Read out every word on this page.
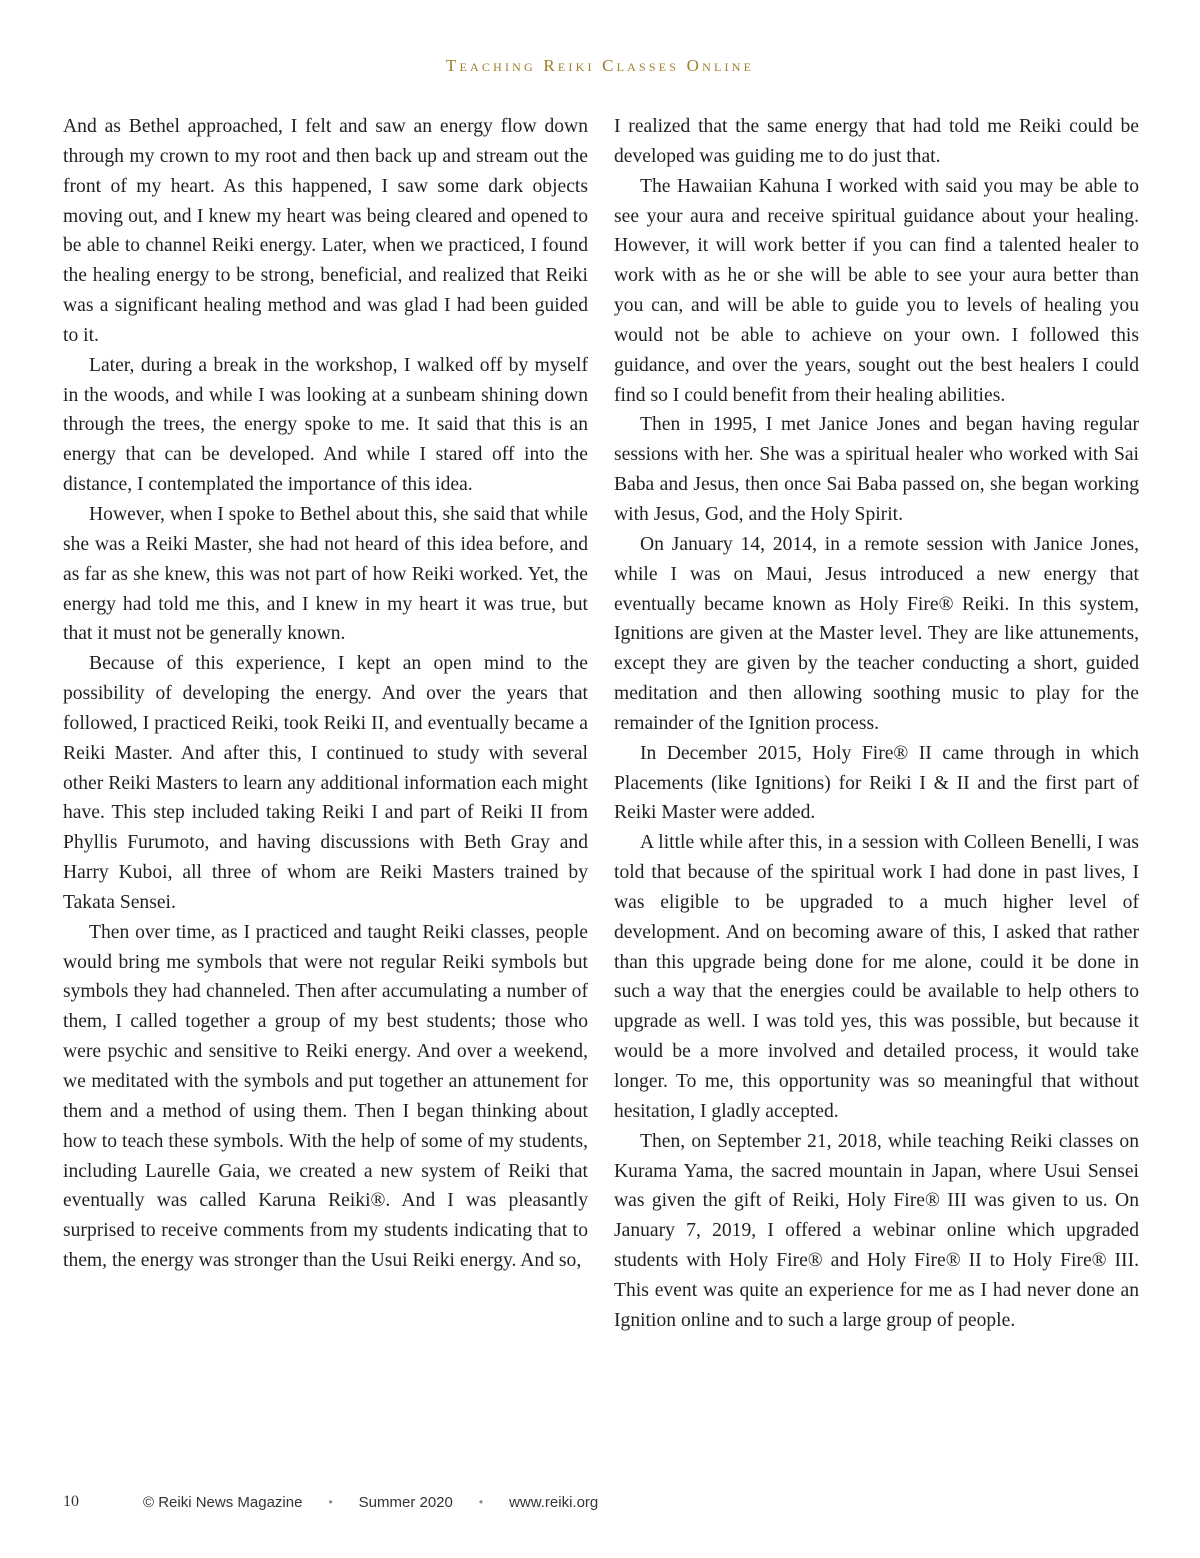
Teaching Reiki Classes Online

And as Bethel approached, I felt and saw an energy flow down through my crown to my root and then back up and stream out the front of my heart. As this happened, I saw some dark objects moving out, and I knew my heart was being cleared and opened to be able to channel Reiki energy. Later, when we practiced, I found the healing energy to be strong, beneficial, and realized that Reiki was a significant healing method and was glad I had been guided to it.

Later, during a break in the workshop, I walked off by myself in the woods, and while I was looking at a sunbeam shining down through the trees, the energy spoke to me. It said that this is an energy that can be developed. And while I stared off into the distance, I contemplated the importance of this idea.

However, when I spoke to Bethel about this, she said that while she was a Reiki Master, she had not heard of this idea before, and as far as she knew, this was not part of how Reiki worked. Yet, the energy had told me this, and I knew in my heart it was true, but that it must not be generally known.

Because of this experience, I kept an open mind to the possibility of developing the energy. And over the years that followed, I practiced Reiki, took Reiki II, and eventually became a Reiki Master. And after this, I continued to study with several other Reiki Masters to learn any additional information each might have. This step included taking Reiki I and part of Reiki II from Phyllis Furumoto, and having discussions with Beth Gray and Harry Kuboi, all three of whom are Reiki Masters trained by Takata Sensei.

Then over time, as I practiced and taught Reiki classes, people would bring me symbols that were not regular Reiki symbols but symbols they had channeled. Then after accumulating a number of them, I called together a group of my best students; those who were psychic and sensitive to Reiki energy. And over a weekend, we meditated with the symbols and put together an attunement for them and a method of using them. Then I began thinking about how to teach these symbols. With the help of some of my students, including Laurelle Gaia, we created a new system of Reiki that eventually was called Karuna Reiki®. And I was pleasantly surprised to receive comments from my students indicating that to them, the energy was stronger than the Usui Reiki energy. And so,

I realized that the same energy that had told me Reiki could be developed was guiding me to do just that.

The Hawaiian Kahuna I worked with said you may be able to see your aura and receive spiritual guidance about your healing. However, it will work better if you can find a talented healer to work with as he or she will be able to see your aura better than you can, and will be able to guide you to levels of healing you would not be able to achieve on your own. I followed this guidance, and over the years, sought out the best healers I could find so I could benefit from their healing abilities.

Then in 1995, I met Janice Jones and began having regular sessions with her. She was a spiritual healer who worked with Sai Baba and Jesus, then once Sai Baba passed on, she began working with Jesus, God, and the Holy Spirit.

On January 14, 2014, in a remote session with Janice Jones, while I was on Maui, Jesus introduced a new energy that eventually became known as Holy Fire® Reiki. In this system, Ignitions are given at the Master level. They are like attunements, except they are given by the teacher conducting a short, guided meditation and then allowing soothing music to play for the remainder of the Ignition process.

In December 2015, Holy Fire® II came through in which Placements (like Ignitions) for Reiki I & II and the first part of Reiki Master were added.

A little while after this, in a session with Colleen Benelli, I was told that because of the spiritual work I had done in past lives, I was eligible to be upgraded to a much higher level of development. And on becoming aware of this, I asked that rather than this upgrade being done for me alone, could it be done in such a way that the energies could be available to help others to upgrade as well. I was told yes, this was possible, but because it would be a more involved and detailed process, it would take longer. To me, this opportunity was so meaningful that without hesitation, I gladly accepted.

Then, on September 21, 2018, while teaching Reiki classes on Kurama Yama, the sacred mountain in Japan, where Usui Sensei was given the gift of Reiki, Holy Fire® III was given to us. On January 7, 2019, I offered a webinar online which upgraded students with Holy Fire® and Holy Fire® II to Holy Fire® III. This event was quite an experience for me as I had never done an Ignition online and to such a large group of people.

10	© Reiki News Magazine • Summer 2020 • www.reiki.org
